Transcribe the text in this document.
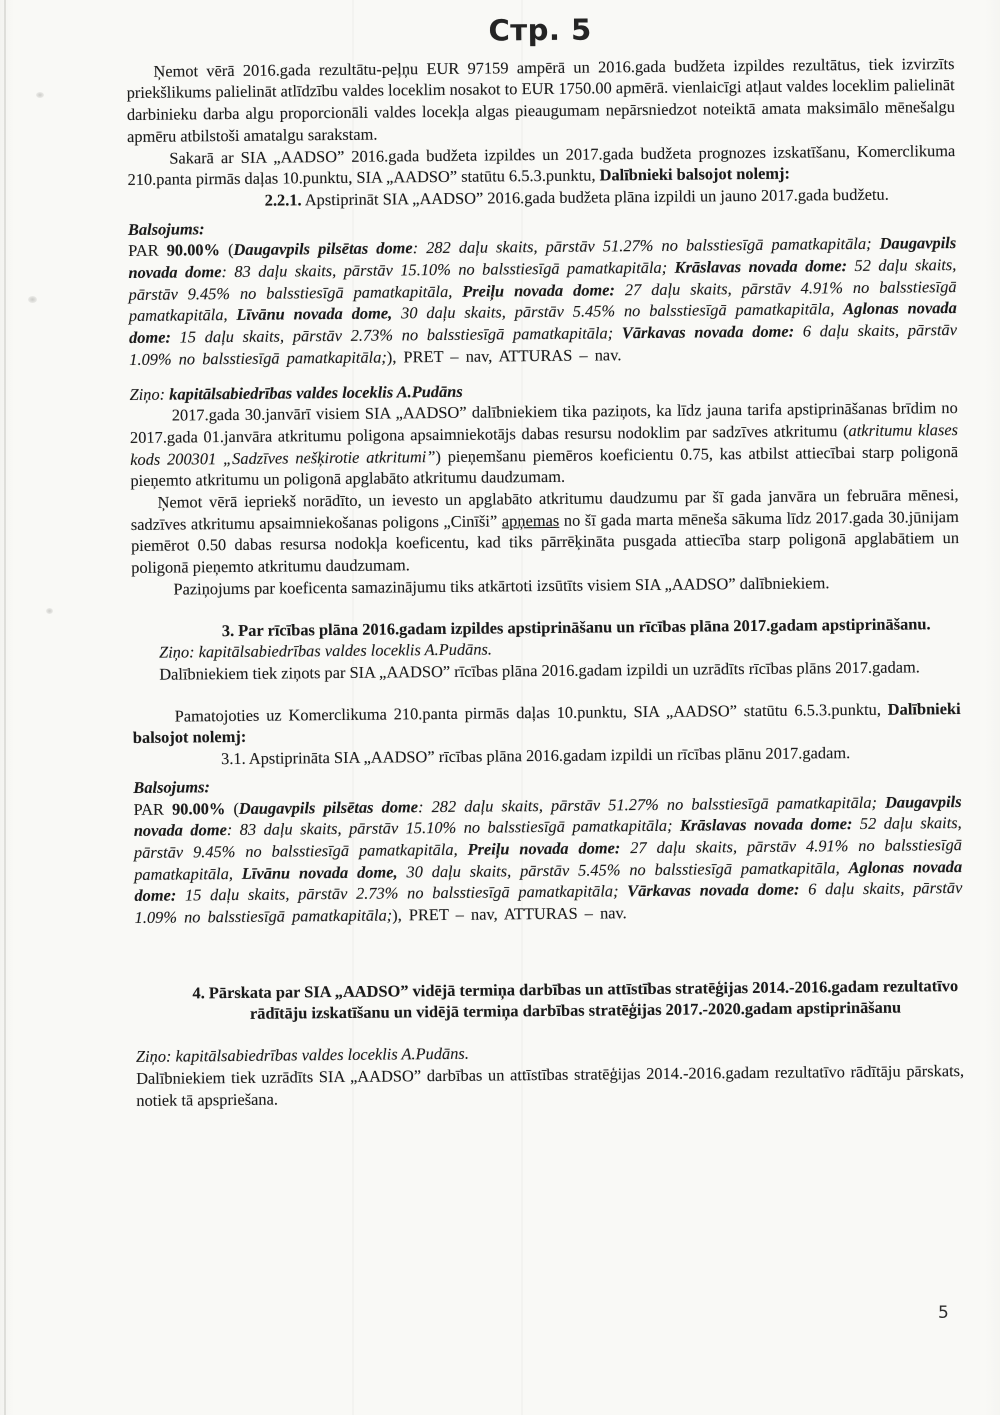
Стр. 5

Ņemot vērā 2016.gada rezultātu-peļņu EUR 97159 ampērā un 2016.gada budžeta izpildes rezultātus, tiek izvirzīts priekšlikums palielināt atlīdzību valdes loceklim nosakot to EUR 1750.00 apmērā. vienlaicīgi atļaut valdes loceklim palielināt darbinieku darba algu proporcionāli valdes locekļa algas pieaugumam nepārsniedzot noteiktā amata maksimālo mēnešalgu apmēru atbilstoši amatalgu sarakstam.

Sakarā ar SIA „AADSO” 2016.gada budžeta izpildes un 2017.gada budžeta prognozes izskatīšanu, Komerclikuma 210.panta pirmās daļas 10.punktu, SIA „AADSO” statūtu 6.5.3.punktu, Dalībnieki balsojot nolemj:

2.2.1. Apstiprināt SIA „AADSO” 2016.gada budžeta plāna izpildi un jauno 2017.gada budžetu.

Balsojums:

PAR 90.00% (Daugavpils pilsētas dome: 282 daļu skaits, pārstāv 51.27% no balsstiesīgā pamatkapitāla; Daugavpils novada dome: 83 daļu skaits, pārstāv 15.10% no balsstiesīgā pamatkapitāla; Krāslavas novada dome: 52 daļu skaits, pārstāv 9.45% no balsstiesīgā pamatkapitāla, Preiļu novada dome: 27 daļu skaits, pārstāv 4.91% no balsstiesīgā pamatkapitāla, Līvānu novada dome, 30 daļu skaits, pārstāv 5.45% no balsstiesīgā pamatkapitāla, Aglonas novada dome: 15 daļu skaits, pārstāv 2.73% no balsstiesīgā pamatkapitāla; Vārkavas novada dome: 6 daļu skaits, pārstāv 1.09% no balsstiesīgā pamatkapitāla;), PRET – nav, ATTURAS – nav.

Ziņo: kapitālsabiedrības valdes loceklis A.Pudāns

2017.gada 30.janvārī visiem SIA „AADSO” dalībniekiem tika paziņots, ka līdz jauna tarifa apstiprināšanas brīdim no 2017.gada 01.janvāra atkritumu poligona apsaimniekotājs dabas resursu nodoklim par sadzīves atkritumu (atkritumu klases kods 200301 „Sadzīves nešķirotie atkritumi”) pieņemšanu piemēros koeficientu 0.75, kas atbilst attiecībai starp poligonā pieņemto atkritumu un poligonā apglabāto atkritumu daudzumam.

Ņemot vērā iepriekš norādīto, un ievesto un apglabāto atkritumu daudzumu par šī gada janvāra un februāra mēnesi, sadzīves atkritumu apsaimniekošanas poligons „Cinīši” apņemas no šī gada marta mēneša sākuma līdz 2017.gada 30.jūnijam piemērot 0.50 dabas resursa nodokļa koeficentu, kad tiks pārrēķināta pusgada attiecība starp poligonā apglabātiem un poligonā pieņemto atkritumu daudzumam.

Paziņojums par koeficenta samazinājumu tiks atkārtoti izsūtīts visiem SIA „AADSO” dalībniekiem.

3. Par rīcības plāna 2016.gadam izpildes apstiprināšanu un rīcības plāna 2017.gadam apstiprināšanu.

Ziņo: kapitālsabiedrības valdes loceklis A.Pudāns.

Dalībniekiem tiek ziņots par SIA „AADSO” rīcības plāna 2016.gadam izpildi un uzrādīts rīcības plāns 2017.gadam.

Pamatojoties uz Komerclikuma 210.panta pirmās daļas 10.punktu, SIA „AADSO” statūtu 6.5.3.punktu, Dalībnieki balsojot nolemj:

3.1. Apstiprināta SIA „AADSO” rīcības plāna 2016.gadam izpildi un rīcības plānu 2017.gadam.

Balsojums:

PAR 90.00% (Daugavpils pilsētas dome: 282 daļu skaits, pārstāv 51.27% no balsstiesīgā pamatkapitāla; Daugavpils novada dome: 83 daļu skaits, pārstāv 15.10% no balsstiesīgā pamatkapitāla; Krāslavas novada dome: 52 daļu skaits, pārstāv 9.45% no balsstiesīgā pamatkapitāla, Preiļu novada dome: 27 daļu skaits, pārstāv 4.91% no balsstiesīgā pamatkapitāla, Līvānu novada dome, 30 daļu skaits, pārstāv 5.45% no balsstiesīgā pamatkapitāla, Aglonas novada dome: 15 daļu skaits, pārstāv 2.73% no balsstiesīgā pamatkapitāla; Vārkavas novada dome: 6 daļu skaits, pārstāv 1.09% no balsstiesīgā pamatkapitāla;), PRET – nav, ATTURAS – nav.

4. Pārskata par SIA „AADSO” vidējā termiņa darbības un attīstības stratēģijas 2014.-2016.gadam rezultatīvo rādītāju izskatīšanu un vidējā termiņa darbības stratēģijas 2017.-2020.gadam apstiprināšanu

Ziņo: kapitālsabiedrības valdes loceklis A.Pudāns.

Dalībniekiem tiek uzrādīts SIA „AADSO” darbības un attīstības stratēģijas 2014.-2016.gadam rezultatīvo rādītāju pārskats, notiek tā apspriešana.

5
